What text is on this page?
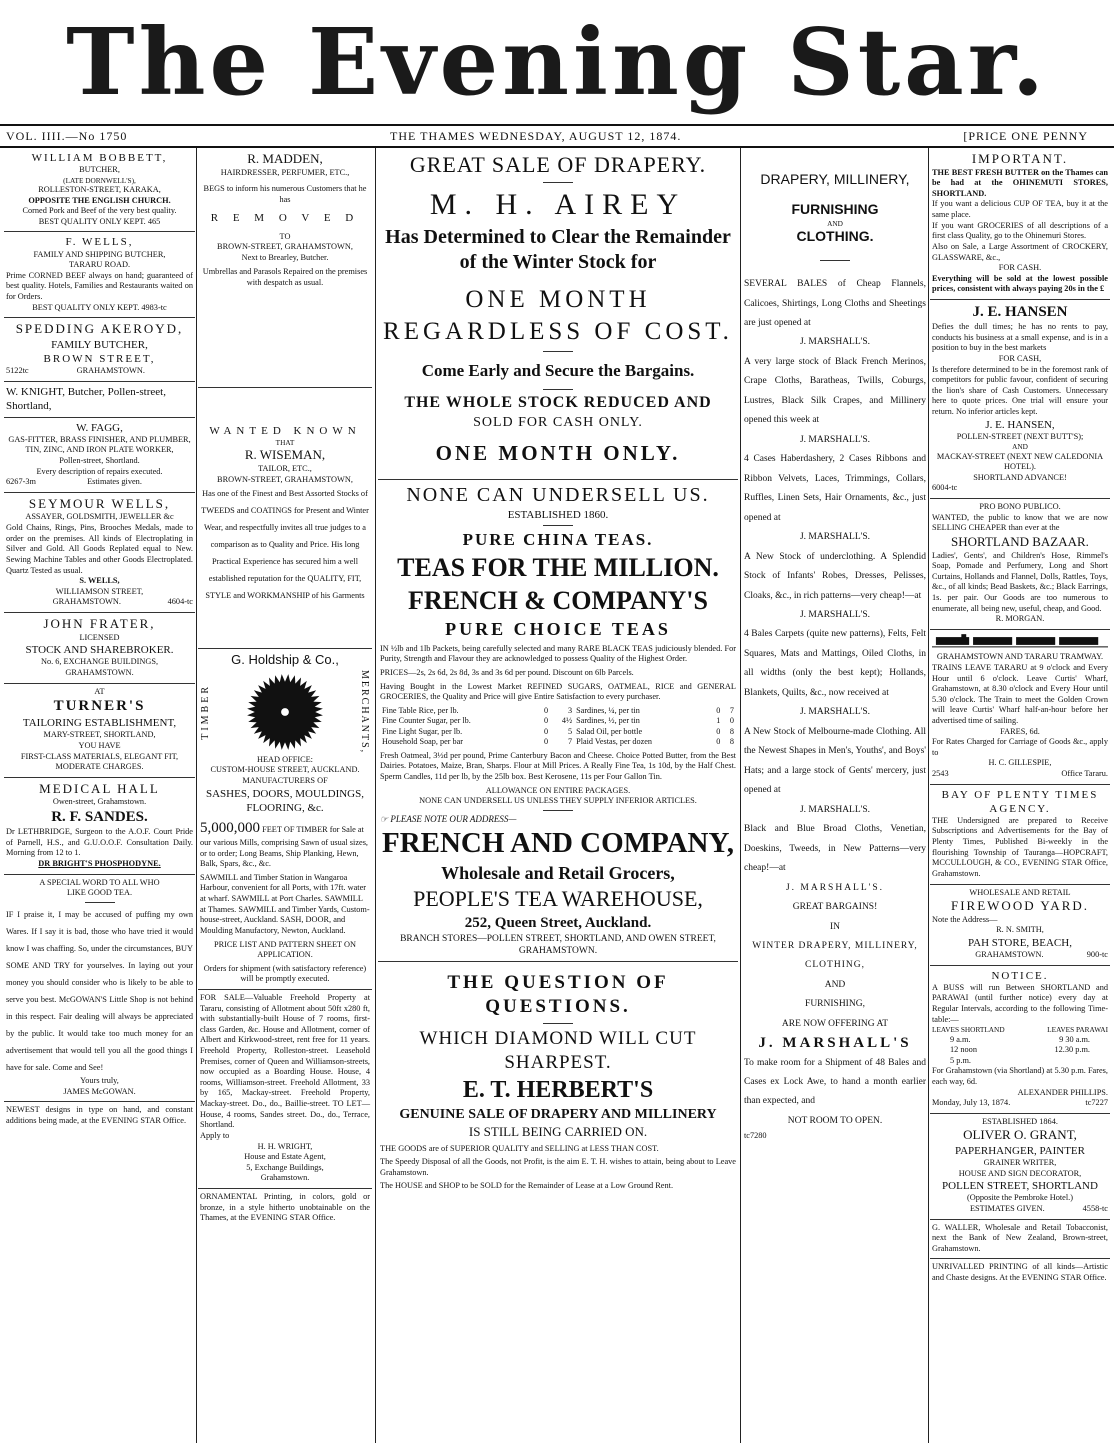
The Evening Star.
VOL. IIII.—No 1750	THE THAMES WEDNESDAY, AUGUST 12, 1874.	[PRICE ONE PENNY
WILLIAM BOBBETT,
BUTCHER,
(LATE DORNWELL'S),
ROLLESTON-STREET, KARAKA,
OPPOSITE THE ENGLISH CHURCH.
Corned Pork and Beef of the very best quality.
BEST QUALITY ONLY KEPT. 465
F. WELLS,
FAMILY AND SHIPPING BUTCHER,
TARARU ROAD.
Prime CORNED BEEF always on hand; guaranteed of best quality. Hotels, Families and Restaurants waited on for Orders.
BEST QUALITY ONLY KEPT. 4983-tc
SPEDDING AKEROYD,
FAMILY BUTCHER,
BROWN STREET,
5122tc	GRAHAMSTOWN.
W. KNIGHT, Butcher, Pollen-street, Shortland,
W. FAGG,
GAS-FITTER, BRASS FINISHER, AND PLUMBER,
TIN, ZINC, AND IRON PLATE WORKER,
Pollen-street, Shortland.
Every description of repairs executed.
6267-3m	Estimates given.
SEYMOUR WELLS,
ASSAYER, GOLDSMITH, JEWELLER &c
Gold Chains, Rings, Pins, Brooches Medals, made to order on the premises. All kinds of Electroplating in Silver and Gold. All Goods Replated equal to New. Sewing Machine Tables and other Goods Electroplated. Quartz Tested as usual.
S. WELLS,
WILLIAMSON STREET,
GRAHAMSTOWN.	4604-tc
JOHN FRATER,
LICENSED
STOCK AND SHAREBROKER.
No. 6, EXCHANGE BUILDINGS,
GRAHAMSTOWN.
AT
TURNER'S
TAILORING ESTABLISHMENT,
MARY-STREET, SHORTLAND,
YOU HAVE
FIRST-CLASS MATERIALS, ELEGANT FIT, MODERATE CHARGES.
MEDICAL HALL
Owen-street, Grahamstown.
R. F. SANDES.
Dr LETHBRIDGE, Surgeon to the A.O.F. Court Pride of Parnell, H.S., and G.U.O.O.F. Consultation Daily. Morning from 12 to 1.
DR BRIGHT'S PHOSPHODYNE.
A SPECIAL WORD TO ALL WHO
LIKE GOOD TEA.
IF I praise it, I may be accused of puffing my own Wares. If I say it is bad, those who have tried it would know I was chaffing. So, under the circumstances, BUY SOME AND TRY for yourselves. In laying out your money you should consider who is likely to be able to serve you best. McGOWAN'S Little Shop is not behind in this respect. Fair dealing will always be appreciated by the public. It would take too much money for an advertisement that would tell you all the good things I have for sale. Come and See!
Yours truly,
JAMES McGOWAN.
NEWEST designs in type on hand, and constant additions being made, at the EVENING STAR Office.
R. MADDEN,
HAIRDRESSER, PERFUMER, ETC.,
BEGS to inform his numerous Customers that he has
R E M O V E D
TO
BROWN-STREET, GRAHAMSTOWN,
Next to Brearley, Butcher.
Umbrellas and Parasols Repaired on the premises with despatch as usual.
WANTED KNOWN
THAT
R. WISEMAN,
TAILOR, ETC.,
BROWN-STREET, GRAHAMSTOWN,
Has one of the Finest and Best Assorted Stocks of TWEEDS and COATINGS for Present and Winter Wear, and respectfully invites all true judges to a comparison as to Quality and Price. His long Practical Experience has secured him a well established reputation for the QUALITY, FIT, STYLE and WORKMANSHIP of his Garments
G. Holdship & Co.,
TIMBER	MERCHANTS,
HEAD OFFICE:
CUSTOM-HOUSE STREET, AUCKLAND.
MANUFACTURERS OF
SASHES, DOORS, MOULDINGS, FLOORING, &c.
5,000,000 FEET OF TIMBER for Sale at our various Mills, comprising Sawn of usual sizes, or to order; Long Beams, Ship Planking, Hewn, Balk, Spars, &c., &c.
SAWMILL and Timber Station in Wangaroa Harbour, convenient for all Ports, with 17ft. water at wharf. SAWMILL at Port Charles. SAWMILL at Thames. SAWMILL and Timber Yards, Custom-house-street, Auckland. SASH, DOOR, and Moulding Manufactory, Newton, Auckland.
PRICE LIST AND PATTERN SHEET ON APPLICATION.
Orders for shipment (with satisfactory reference) will be promptly executed.
FOR SALE—Valuable Freehold Property at Tararu, consisting of Allotment about 50ft x280 ft, with substantially-built House of 7 rooms, first-class Garden, &c. House and Allotment, corner of Albert and Kirkwood-street, rent free for 11 years. Freehold Property, Rolleston-street. Leasehold Premises, corner of Queen and Williamson-streets, now occupied as a Boarding House. House, 4 rooms, Williamson-street. Freehold Allotment, 33 by 165, Mackay-street. Freehold Property, Mackay-street. Do., do., Baillie-street. TO LET—House, 4 rooms, Sandes street. Do., do., Terrace, Shortland.
Apply to
H. H. WRIGHT,
House and Estate Agent,
5, Exchange Buildings,
Grahamstown.
ORNAMENTAL Printing, in colors, gold or bronze, in a style hitherto unobtainable on the Thames, at the EVENING STAR Office.
GREAT SALE OF DRAPERY.
M. H. AIREY
Has Determined to Clear the Remainder of the Winter Stock for
ONE MONTH
REGARDLESS OF COST.
Come Early and Secure the Bargains.
THE WHOLE STOCK REDUCED AND
SOLD FOR CASH ONLY.
ONE MONTH ONLY.
NONE CAN UNDERSELL US.
ESTABLISHED 1860.
PURE CHINA TEAS.
TEAS FOR THE MILLION.
FRENCH & COMPANY'S
PURE CHOICE TEAS

IN ½lb and 1lb Packets, being carefully selected and many RARE BLACK TEAS judiciously blended. For Purity, Strength and Flavour they are acknowledged to possess Quality of the Highest Order.

PRICES—2s, 2s 6d, 2s 8d, 3s and 3s 6d per pound. Discount on 6lb Parcels.

Having Bought in the Lowest Market REFINED SUGARS, OATMEAL, RICE and GENERAL GROCERIES, the Quality and Price will give Entire Satisfaction to every purchaser.

Fine Table Rice, per lb.	0	3	Sardines, ¼, per tin	0	7
Fine Counter Sugar, per lb.	0	4½	Sardines, ½, per tin	1	0
Fine Light Sugar, per lb.	0	5	Salad Oil, per bottle	0	8
Household Soap, per bar	0	7	Plaid Vestas, per dozen	0	8

Fresh Oatmeal, 3½d per pound, Prime Canterbury Bacon and Cheese. Choice Potted Butter, from the Best Dairies. Potatoes, Maize, Bran, Sharps. Flour at Mill Prices. A Really Fine Tea, 1s 10d, by the Half Chest. Sperm Candles, 11d per lb, by the 25lb box. Best Kerosene, 11s per Four Gallon Tin.

ALLOWANCE ON ENTIRE PACKAGES.
NONE CAN UNDERSELL US UNLESS THEY SUPPLY INFERIOR ARTICLES.
☞ PLEASE NOTE OUR ADDRESS—
FRENCH AND COMPANY,
Wholesale and Retail Grocers,
PEOPLE'S TEA WAREHOUSE,
252, Queen Street, Auckland.
BRANCH STORES—POLLEN STREET, SHORTLAND, AND OWEN STREET, GRAHAMSTOWN.
THE QUESTION OF QUESTIONS.
WHICH DIAMOND WILL CUT SHARPEST.
E. T. HERBERT'S
GENUINE SALE OF DRAPERY AND MILLINERY
IS STILL BEING CARRIED ON.

THE GOODS are of SUPERIOR QUALITY and SELLING at LESS THAN COST.

The Speedy Disposal of all the Goods, not Profit, is the aim E. T. H. wishes to attain, being about to Leave Grahamstown.

The HOUSE and SHOP to be SOLD for the Remainder of Lease at a Low Ground Rent.

DRAPERY, MILLINERY,
FURNISHING
AND
CLOTHING.
SEVERAL BALES of Cheap Flannels, Calicoes, Shirtings, Long Cloths and Sheetings are just opened at
J. MARSHALL'S.
A very large stock of Black French Merinos, Crape Cloths, Baratheas, Twills, Coburgs, Lustres, Black Silk Crapes, and Millinery opened this week at
J. MARSHALL'S.
4 Cases Haberdashery, 2 Cases Ribbons and Ribbon Velvets, Laces, Trimmings, Collars, Ruffles, Linen Sets, Hair Ornaments, &c., just opened at
J. MARSHALL'S.
A New Stock of underclothing. A Splendid Stock of Infants' Robes, Dresses, Pelisses, Cloaks, &c., in rich patterns—very cheap!—at
J. MARSHALL'S.
4 Bales Carpets (quite new patterns), Felts, Felt Squares, Mats and Mattings, Oiled Cloths, in all widths (only the best kept); Hollands, Blankets, Quilts, &c., now received at
J. MARSHALL'S.
A New Stock of Melbourne-made Clothing. All the Newest Shapes in Men's, Youths', and Boys' Hats; and a large stock of Gents' mercery, just opened at
J. MARSHALL'S.
Black and Blue Broad Cloths, Venetian, Doeskins, Tweeds, in New Patterns—very cheap!—at
J. MARSHALL'S.
GREAT BARGAINS!
IN
WINTER DRAPERY, MILLINERY, CLOTHING,
AND
FURNISHING,
ARE NOW OFFERING AT
J. MARSHALL'S
To make room for a Shipment of 48 Bales and Cases ex Lock Awe, to hand a month earlier than expected, and
NOT ROOM TO OPEN.
tc7280
IMPORTANT.
THE BEST FRESH BUTTER on the Thames can be had at the OHINEMUTI STORES, SHORTLAND.
If you want a delicious CUP OF TEA, buy it at the same place.
If you want GROCERIES of all descriptions of a first class Quality, go to the Ohinemuri Stores.
Also on Sale, a Large Assortment of CROCKERY, GLASSWARE, &c.,
FOR CASH.
Everything will be sold at the lowest possible prices, consistent with always paying 20s in the £
J. E. HANSEN
Defies the dull times; he has no rents to pay, conducts his business at a small expense, and is in a position to buy in the best markets
FOR CASH,
Is therefore determined to be in the foremost rank of competitors for public favour, confident of securing the lion's share of Cash Customers. Unnecessary here to quote prices. One trial will ensure your return. No inferior articles kept.
J. E. HANSEN,
POLLEN-STREET (NEXT BUTT'S);
AND
MACKAY-STREET (NEXT NEW CALEDONIA HOTEL).
SHORTLAND ADVANCE!
6004-tc
PRO BONO PUBLICO.
WANTED, the public to know that we are now SELLING CHEAPER than ever at the
SHORTLAND BAZAAR.
Ladies', Gents', and Children's Hose, Rimmel's Soap, Pomade and Perfumery, Long and Short Curtains, Hollands and Flannel, Dolls, Rattles, Toys, &c., of all kinds; Bead Baskets, &c.; Black Earrings, 1s. per pair. Our Goods are too numerous to enumerate, all being new, useful, cheap, and Good.
R. MORGAN.
GRAHAMSTOWN AND TARARU TRAMWAY.
TRAINS LEAVE TARARU at 9 o'clock and Every Hour until 6 o'clock. Leave Curtis' Wharf, Grahamstown, at 8.30 o'clock and Every Hour until 5.30 o'clock. The Train to meet the Golden Crown will leave Curtis' Wharf half-an-hour before her advertised time of sailing.
FARES, 6d.
For Rates Charged for Carriage of Goods &c., apply to
H. C. GILLESPIE,
2543	Office Tararu.
BAY OF PLENTY TIMES AGENCY.
THE Undersigned are prepared to Receive Subscriptions and Advertisements for the Bay of Plenty Times, Published Bi-weekly in the flourishing Township of Tauranga—HOPCRAFT, MCCULLOUGH, & CO., EVENING STAR Office, Grahamstown.
WHOLESALE AND RETAIL
FIREWOOD YARD.
Note the Address—
R. N. SMITH,
PAH STORE, BEACH,
GRAHAMSTOWN.	900-tc
NOTICE.
A BUSS will run Between SHORTLAND and PARAWAI (until further notice) every day at Regular Intervals, according to the following Time-table:—
LEAVES SHORTLAND	LEAVES PARAWAI
9 a.m.	9 30 a.m.
12 noon	12.30 p.m.
5 p.m.
For Grahamstown (via Shortland) at 5.30 p.m. Fares, each way, 6d.
ALEXANDER PHILLIPS.
Monday, July 13, 1874.	tc7227
ESTABLISHED 1864.
OLIVER O. GRANT,
PAPERHANGER, PAINTER
GRAINER WRITER,
HOUSE AND SIGN DECORATOR,
POLLEN STREET, SHORTLAND
(Opposite the Pembroke Hotel.)
ESTIMATES GIVEN.	4558-tc
G. WALLER, Wholesale and Retail Tobacconist, next the Bank of New Zealand, Brown-street, Grahamstown.
UNRIVALLED PRINTING of all kinds—Artistic and Chaste designs. At the EVENING STAR Office.
